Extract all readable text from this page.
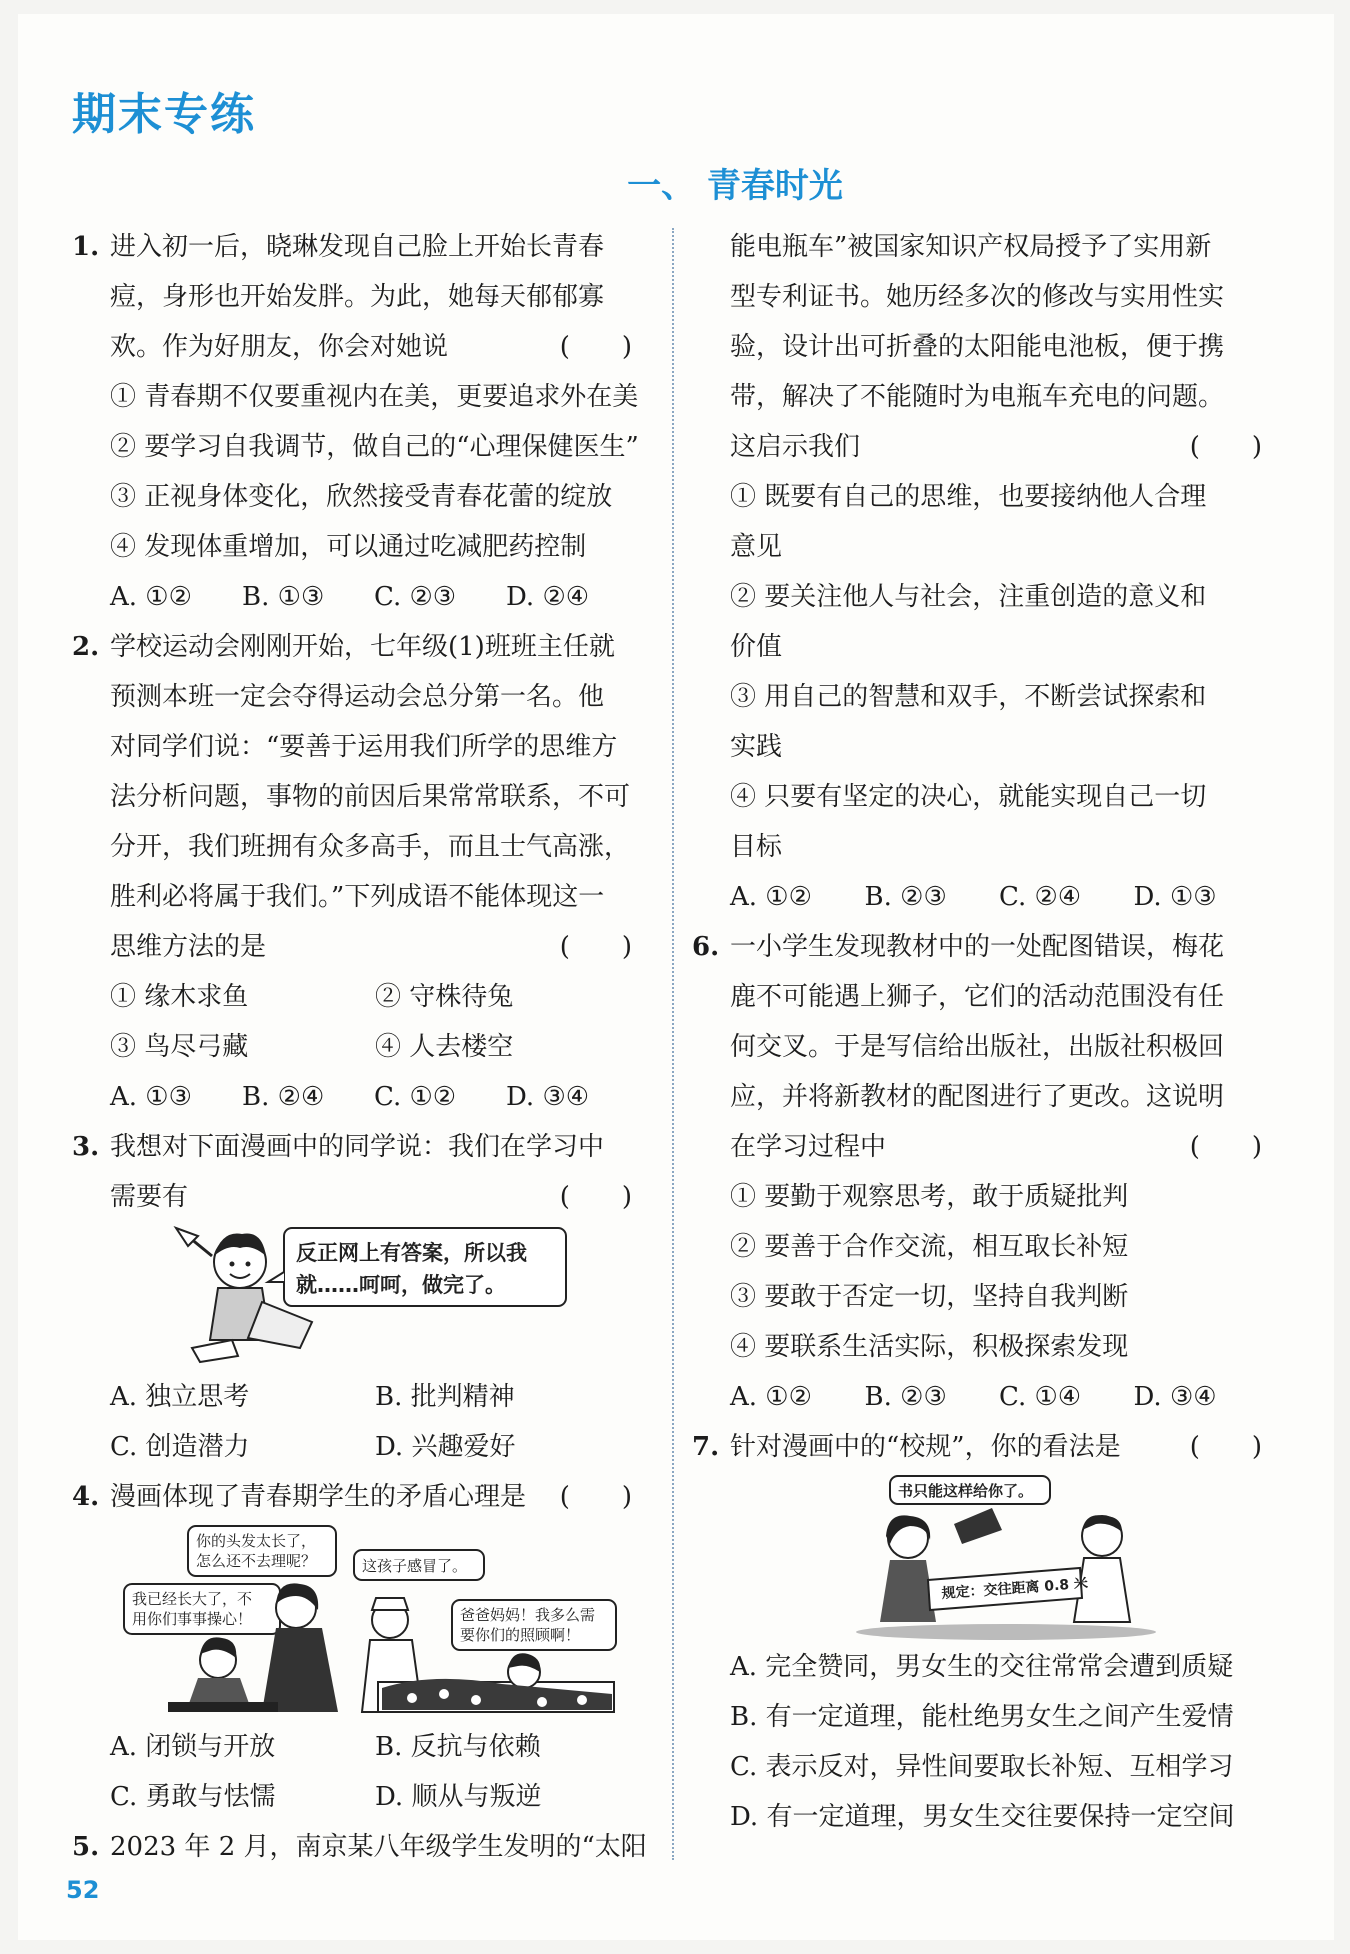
期末专练
一、 青春时光
1. 进入初一后，晓琳发现自己脸上开始长青春
痘，身形也开始发胖。为此，她每天郁郁寡
欢。作为好朋友，你会对她说	(　　)
① 青春期不仅要重视内在美，更要追求外在美
② 要学习自我调节，做自己的“心理保健医生”
③ 正视身体变化，欣然接受青春花蕾的绽放
④ 发现体重增加，可以通过吃减肥药控制
A. ①②	B. ①③	C. ②③	D. ②④
2. 学校运动会刚刚开始，七年级(1)班班主任就
预测本班一定会夺得运动会总分第一名。他
对同学们说：“要善于运用我们所学的思维方
法分析问题，事物的前因后果常常联系，不可
分开，我们班拥有众多高手，而且士气高涨，
胜利必将属于我们。”下列成语不能体现这一
思维方法的是	(　　)
① 缘木求鱼	② 守株待兔
③ 鸟尽弓藏	④ 人去楼空
A. ①③	B. ②④	C. ①②	D. ③④
3. 我想对下面漫画中的同学说：我们在学习中
需要有	(　　)
反正网上有答案，所以我
就……呵呵，做完了。
A. 独立思考	B. 批判精神
C. 创造潜力	D. 兴趣爱好
4. 漫画体现了青春期学生的矛盾心理是 (　　)
你的头发太长了，
怎么还不去理呢？
我已经长大了，不
用你们事事操心！
这孩子感冒了。
爸爸妈妈！我多么需
要你们的照顾啊！
A. 闭锁与开放	B. 反抗与依赖
C. 勇敢与怯懦	D. 顺从与叛逆
5. 2023 年 2 月，南京某八年级学生发明的“太阳
能电瓶车”被国家知识产权局授予了实用新
型专利证书。她历经多次的修改与实用性实
验，设计出可折叠的太阳能电池板，便于携
带，解决了不能随时为电瓶车充电的问题。
这启示我们	(　　)
① 既要有自己的思维，也要接纳他人合理
意见
② 要关注他人与社会，注重创造的意义和
价值
③ 用自己的智慧和双手，不断尝试探索和
实践
④ 只要有坚定的决心，就能实现自己一切
目标
A. ①②	B. ②③	C. ②④	D. ①③
6. 一小学生发现教材中的一处配图错误，梅花
鹿不可能遇上狮子，它们的活动范围没有任
何交叉。于是写信给出版社，出版社积极回
应，并将新教材的配图进行了更改。这说明
在学习过程中	(　　)
① 要勤于观察思考，敢于质疑批判
② 要善于合作交流，相互取长补短
③ 要敢于否定一切，坚持自我判断
④ 要联系生活实际，积极探索发现
A. ①②	B. ②③	C. ①④	D. ③④
7. 针对漫画中的“校规”，你的看法是	(　　)
书只能这样给你了。
规定：交往距离 0.8 米
A. 完全赞同，男女生的交往常常会遭到质疑
B. 有一定道理，能杜绝男女生之间产生爱情
C. 表示反对，异性间要取长补短、互相学习
D. 有一定道理，男女生交往要保持一定空间
52
